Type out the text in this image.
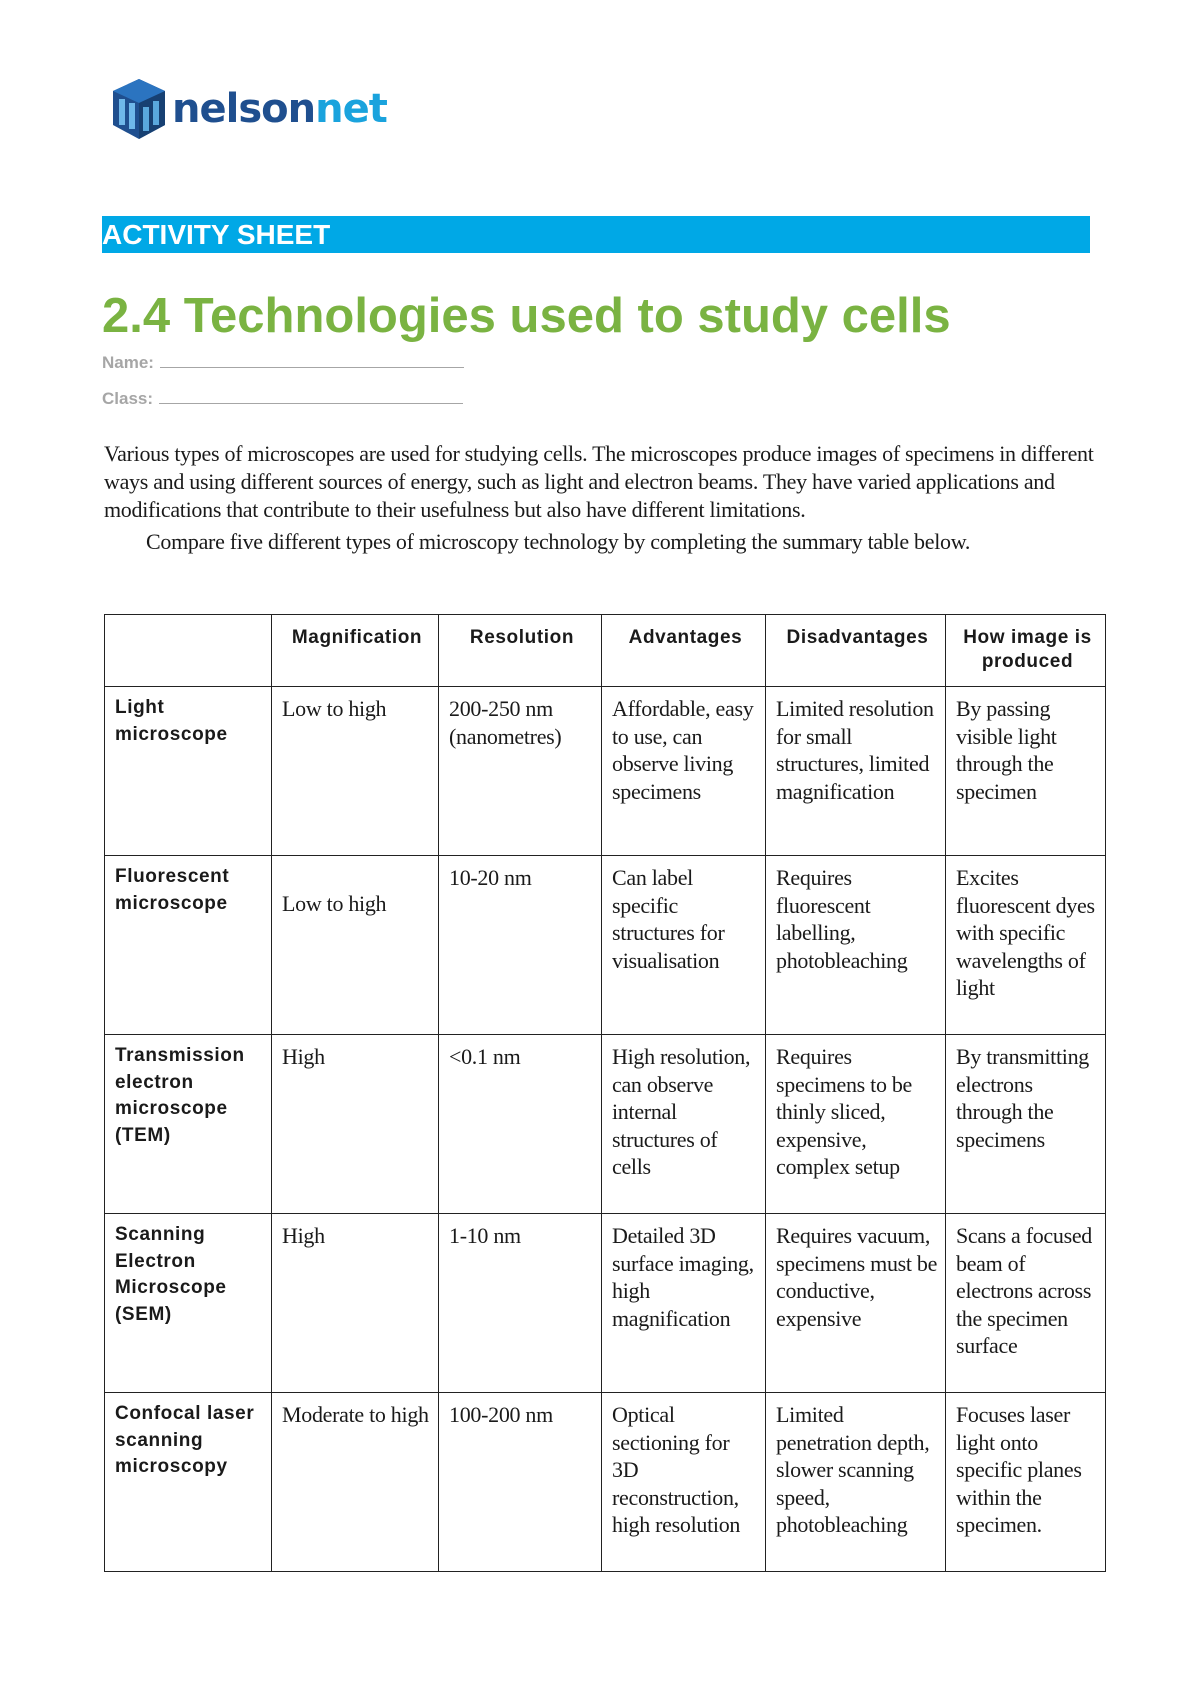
nelsonnet
ACTIVITY SHEET
2.4 Technologies used to study cells
Name:
Class:

Various types of microscopes are used for studying cells. The microscopes produce images of specimens in different ways and using different sources of energy, such as light and electron beams. They have varied applications and modifications that contribute to their usefulness but also have different limitations.

Compare five different types of microscopy technology by completing the summary table below.

	Magnification	Resolution	Advantages	Disadvantages	How image is produced
Light microscope	Low to high	200-250 nm (nanometres)	Affordable, easy to use, can observe living specimens	Limited resolution for small structures, limited magnification	By passing visible light through the specimen
Fluorescent microscope	Low to high	10-20 nm	Can label specific structures for visualisation	Requires fluorescent labelling, photobleaching	Excites fluorescent dyes with specific wavelengths of light
Transmission electron microscope (TEM)	High	<0.1 nm	High resolution, can observe internal structures of cells	Requires specimens to be thinly sliced, expensive, complex setup	By transmitting electrons through the specimens
Scanning Electron Microscope (SEM)	High	1-10 nm	Detailed 3D surface imaging, high magnification	Requires vacuum, specimens must be conductive, expensive	Scans a focused beam of electrons across the specimen surface
Confocal laser scanning microscopy	Moderate to high	100-200 nm	Optical sectioning for 3D reconstruction, high resolution	Limited penetration depth, slower scanning speed, photobleaching	Focuses laser light onto specific planes within the specimen.
